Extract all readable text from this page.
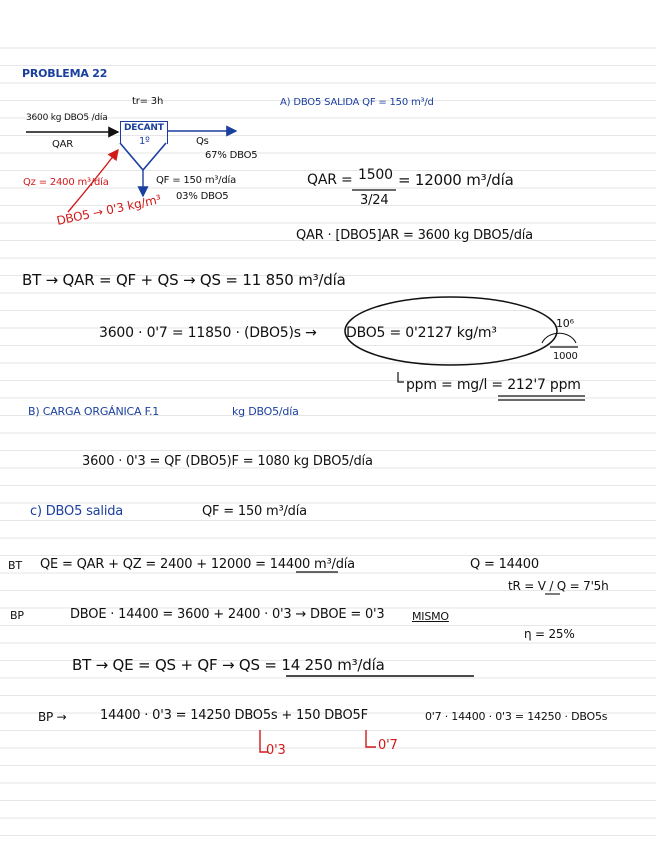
PROBLEMA 22
tr= 3h
3600 kg DBO5 /día
QAR
DECANT
1º	Qs
67% DBO5
QF = 150 m³/día
03% DBO5
Qz = 2400 m³/día
DBO5 → 0'3 kg/m³
A) DBO5 SALIDA QF = 150 m³/d
QAR = 1500
3/24
= 12000 m³/día
QAR · [DBO5]AR = 3600 kg DBO5/día
BT → QAR = QF + QS → QS = 11 850 m³/día
3600 · 0'7 = 11850 · (DBO5)s → DBO5 = 0'2127 kg/m³
10⁶
1000
ppm = mg/l = 212'7 ppm
B) CARGA ORGÁNICA F.1	kg DBO5/día
3600 · 0'3 = QF (DBO5)F = 1080 kg DBO5/día
c) DBO5 salida	QF = 150 m³/día
BT QE = QAR + QZ = 2400 + 12000 = 14400 m³/día	Q = 14400
tR = V / Q = 7'5h
η = 25%
BP	DBOE · 14400 = 3600 + 2400 · 0'3 → DBOE = 0'3	MISMO
BT → QE = QS + QF → QS = 14 250 m³/día
BP →	14400 · 0'3 = 14250 DBO5s + 150 DBO5F	0'7 · 14400 · 0'3 = 14250 · DBO5s
0'3	0'7
